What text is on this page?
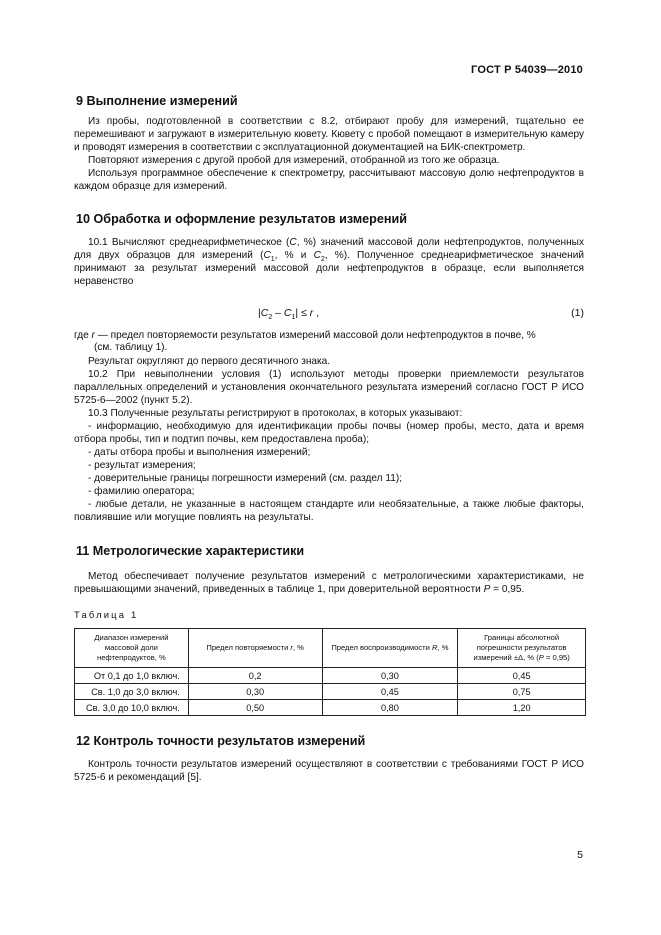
ГОСТ Р 54039—2010
9 Выполнение измерений
Из пробы, подготовленной в соответствии с 8.2, отбирают пробу для измерений, тщательно ее перемешивают и загружают в измерительную кювету. Кювету с пробой помещают в измерительную камеру и проводят измерения в соответствии с эксплуатационной документацией на БИК-спектрометр.
Повторяют измерения с другой пробой для измерений, отобранной из того же образца.
Используя программное обеспечение к спектрометру, рассчитывают массовую долю нефтепродуктов в каждом образце для измерений.
10 Обработка и оформление результатов измерений
10.1 Вычисляют среднеарифметическое (C, %) значений массовой доли нефтепродуктов, полученных для двух образцов для измерений ($C_1$, % и $C_2$, %). Полученное среднеарифметическое значений принимают за результат измерений массовой доли нефтепродуктов в образце, если выполняется неравенство
$|C_2 - C_1| \le r$ ,	(1)
где r — предел повторяемости результатов измерений массовой доли нефтепродуктов в почве, %
(см. таблицу 1).
Результат округляют до первого десятичного знака.
10.2 При невыполнении условия (1) используют методы проверки приемлемости результатов параллельных определений и установления окончательного результата измерений согласно ГОСТ Р ИСО 5725-6—2002 (пункт 5.2).
10.3 Полученные результаты регистрируют в протоколах, в которых указывают:
- информацию, необходимую для идентификации пробы почвы (номер пробы, место, дата и время отбора пробы, тип и подтип почвы, кем предоставлена проба);
- даты отбора пробы и выполнения измерений;
- результат измерения;
- доверительные границы погрешности измерений (см. раздел 11);
- фамилию оператора;
- любые детали, не указанные в настоящем стандарте или необязательные, а также любые факторы, повлиявшие или могущие повлиять на результаты.
11 Метрологические характеристики
Метод обеспечивает получение результатов измерений с метрологическими характеристиками, не превышающими значений, приведенных в таблице 1, при доверительной вероятности P = 0,95.
Таблица 1
Диапазон измерений массовой доли нефтепродуктов, %	Предел повторяемости r, %	Предел воспроизводимости R, %	Границы абсолютной погрешности результатов измерений ±Δ, % (P = 0,95)
От 0,1 до 1,0 включ.	0,2	0,30	0,45
Св. 1,0 до 3,0 включ.	0,30	0,45	0,75
Св. 3,0 до 10,0 включ.	0,50	0,80	1,20
12 Контроль точности результатов измерений
Контроль точности результатов измерений осуществляют в соответствии с требованиями ГОСТ Р ИСО 5725-6 и рекомендаций [5].
5
